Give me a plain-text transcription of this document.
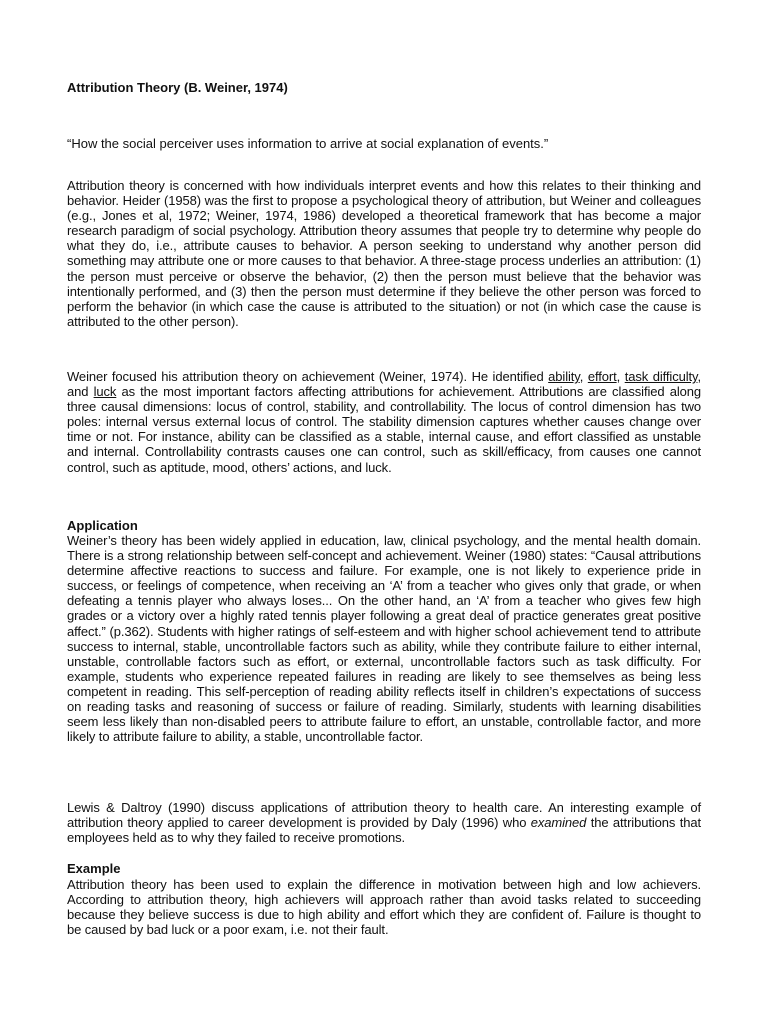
Attribution Theory (B. Weiner, 1974)

“How the social perceiver uses information to arrive at social explanation of events.”

Attribution theory is concerned with how individuals interpret events and how this relates to their thinking and behavior. Heider (1958) was the first to propose a psychological theory of attribution, but Weiner and colleagues (e.g., Jones et al, 1972; Weiner, 1974, 1986) developed a theoretical framework that has become a major research paradigm of social psychology. Attribution theory assumes that people try to determine why people do what they do, i.e., attribute causes to behavior. A person seeking to understand why another person did something may attribute one or more causes to that behavior. A three-stage process underlies an attribution: (1) the person must perceive or observe the behavior, (2) then the person must believe that the behavior was intentionally performed, and (3) then the person must determine if they believe the other person was forced to perform the behavior (in which case the cause is attributed to the situation) or not (in which case the cause is attributed to the other person).

Weiner focused his attribution theory on achievement (Weiner, 1974). He identified ability, effort, task difficulty, and luck as the most important factors affecting attributions for achievement. Attributions are classified along three causal dimensions: locus of control, stability, and controllability. The locus of control dimension has two poles: internal versus external locus of control. The stability dimension captures whether causes change over time or not. For instance, ability can be classified as a stable, internal cause, and effort classified as unstable and internal. Controllability contrasts causes one can control, such as skill/efficacy, from causes one cannot control, such as aptitude, mood, others’ actions, and luck.

Application

Weiner’s theory has been widely applied in education, law, clinical psychology, and the mental health domain. There is a strong relationship between self-concept and achievement. Weiner (1980) states: “Causal attributions determine affective reactions to success and failure. For example, one is not likely to experience pride in success, or feelings of competence, when receiving an ‘A’ from a teacher who gives only that grade, or when defeating a tennis player who always loses... On the other hand, an ‘A’ from a teacher who gives few high grades or a victory over a highly rated tennis player following a great deal of practice generates great positive affect.” (p.362). Students with higher ratings of self-esteem and with higher school achievement tend to attribute success to internal, stable, uncontrollable factors such as ability, while they contribute failure to either internal, unstable, controllable factors such as effort, or external, uncontrollable factors such as task difficulty. For example, students who experience repeated failures in reading are likely to see themselves as being less competent in reading. This self-perception of reading ability reflects itself in children’s expectations of success on reading tasks and reasoning of success or failure of reading. Similarly, students with learning disabilities seem less likely than non-disabled peers to attribute failure to effort, an unstable, controllable factor, and more likely to attribute failure to ability, a stable, uncontrollable factor.

Lewis & Daltroy (1990) discuss applications of attribution theory to health care. An interesting example of attribution theory applied to career development is provided by Daly (1996) who examined the attributions that employees held as to why they failed to receive promotions.

Example

Attribution theory has been used to explain the difference in motivation between high and low achievers. According to attribution theory, high achievers will approach rather than avoid tasks related to succeeding because they believe success is due to high ability and effort which they are confident of. Failure is thought to be caused by bad luck or a poor exam, i.e. not their fault.
